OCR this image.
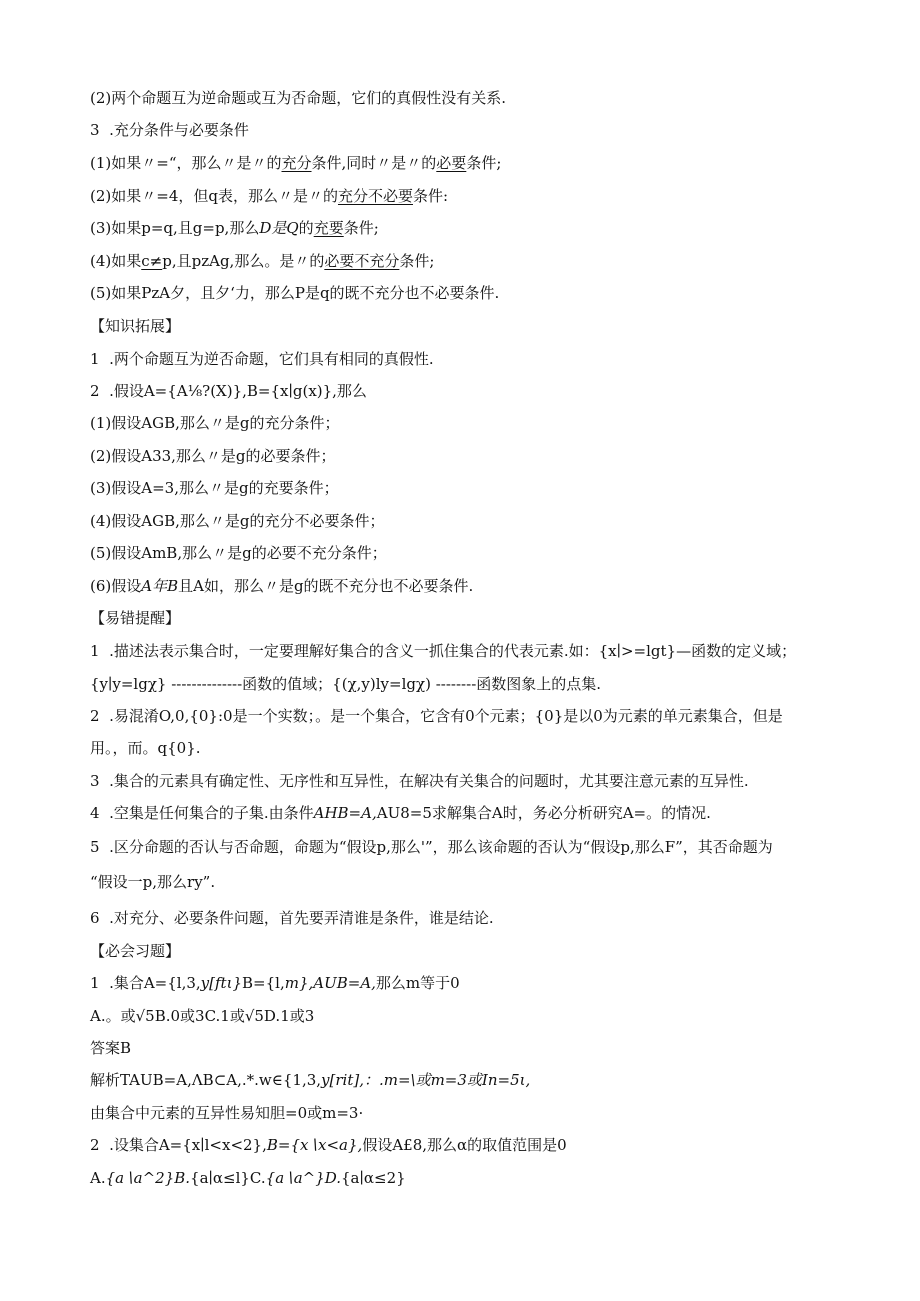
(2)两个命题互为逆命题或互为否命题，它们的真假性没有关系.
3  .充分条件与必要条件
(1)如果〃=“，那么〃是〃的充分条件,同时〃是〃的必要条件;
(2)如果〃=4，但q表，那么〃是〃的充分不必要条件:
(3)如果p=q,且g=p,那么D是Q的充要条件;
(4)如果c≠p,且pzAg,那么。是〃的必要不充分条件;
(5)如果PzA夕，且夕‘力，那么P是q的既不充分也不必要条件.
【知识拓展】
1  .两个命题互为逆否命题，它们具有相同的真假性.
2  .假设A={A⅛?(X)},B={x∣g(x)},那么
(1)假设AGB,那么〃是g的充分条件；
(2)假设A33,那么〃是g的必要条件；
(3)假设A=3,那么〃是g的充要条件；
(4)假设AGB,那么〃是g的充分不必要条件；
(5)假设AmB,那么〃是g的必要不充分条件；
(6)假设A年B且A如，那么〃是g的既不充分也不必要条件.
【易错提醒】
1  .描述法表示集合时，一定要理解好集合的含义一抓住集合的代表元素.如：{x∣>=lgt}—函数的定义域；
{y∣y=lgχ} --------------函数的值域；{(χ,y)ly=lgχ) --------函数图象上的点集.
2  .易混淆O,0,{0}:0是一个实数；。是一个集合，它含有0个元素；{0}是以0为元素的单元素集合，但是
用。，而。q{0}.
3  .集合的元素具有确定性、无序性和互异性，在解决有关集合的问题时，尤其要注意元素的互异性.
4  .空集是任何集合的子集.由条件AHB=A,AU8=5求解集合A时，务必分析研究A=。的情况.
5  .区分命题的否认与否命题，命题为“假设p,那么'”，那么该命题的否认为“假设p,那么F”，其否命题为
“假设一p,那么ry”.
6  .对充分、必要条件问题，首先要弄清谁是条件，谁是结论.
【必会习题】
1  .集合A={l,3,y[ftι}B={l,m},AUB=A,那么m等于0
A.。或√5B.0或3C.1或√5D.1或3
答案B
解析TAUB=A,ΛB⊂A,.*.w∈{1,3,y[rit],：.m=\或m=3或In=5ι,
由集合中元素的互异性易知胆=0或m=3·
2  .设集合A={x∣l<x<2},B={x∖x<a},假设A£8,那么α的取值范围是0
A.{a∖a^2}B.{a∣α≤l}C.{a∖a^}D.{a∣α≤2}
